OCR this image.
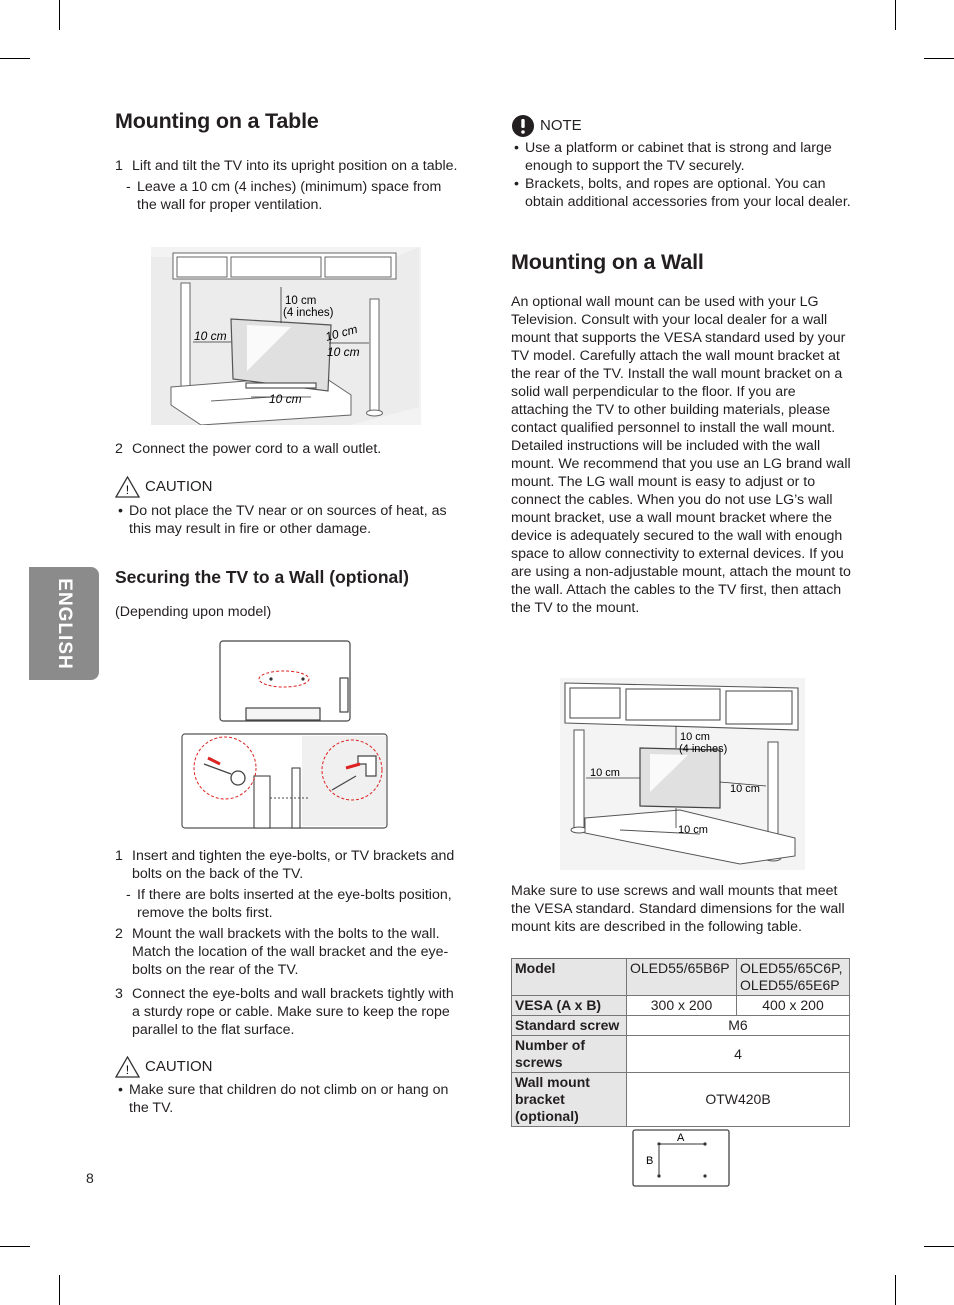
ENGLISH
8
Mounting on a Table
1 Lift and tilt the TV into its upright position on a table.
- Leave a 10 cm (4 inches) (minimum) space from the wall for proper ventilation.
10 cm
(4 inches)
10 cm	10 cm
10 cm
10 cm
2 Connect the power cord to a wall outlet.
! CAUTION
• Do not place the TV near or on sources of heat, as this may result in fire or other damage.
Securing the TV to a Wall (optional)
(Depending upon model)
1 Insert and tighten the eye-bolts, or TV brackets and bolts on the back of the TV.
- If there are bolts inserted at the eye-bolts position, remove the bolts first.
2 Mount the wall brackets with the bolts to the wall. Match the location of the wall bracket and the eye-bolts on the rear of the TV.
3 Connect the eye-bolts and wall brackets tightly with a sturdy rope or cable. Make sure to keep the rope parallel to the flat surface.
! CAUTION
• Make sure that children do not climb on or hang on the TV.
NOTE
• Use a platform or cabinet that is strong and large enough to support the TV securely.
• Brackets, bolts, and ropes are optional. You can obtain additional accessories from your local dealer.
Mounting on a Wall
An optional wall mount can be used with your LG Television. Consult with your local dealer for a wall mount that supports the VESA standard used by your TV model. Carefully attach the wall mount bracket at the rear of the TV. Install the wall mount bracket on a solid wall perpendicular to the floor. If you are attaching the TV to other building materials, please contact qualified personnel to install the wall mount. Detailed instructions will be included with the wall mount. We recommend that you use an LG brand wall mount. The LG wall mount is easy to adjust or to connect the cables. When you do not use LG’s wall mount bracket, use a wall mount bracket where the device is adequately secured to the wall with enough space to allow connectivity to external devices. If you are using a non-adjustable mount, attach the mount to the wall. Attach the cables to the TV first, then attach the TV to the mount.
10 cm
(4 inches)
10 cm
10 cm
10 cm
Make sure to use screws and wall mounts that meet the VESA standard. Standard dimensions for the wall mount kits are described in the following table.
Model	OLED55/65B6P	OLED55/65C6P,
OLED55/65E6P

VESA (A x B)	300 x 200	400 x 200
Standard screw	M6	
Number of screws	4	
Wall mount bracket (optional)	OTW420B	
A
B
